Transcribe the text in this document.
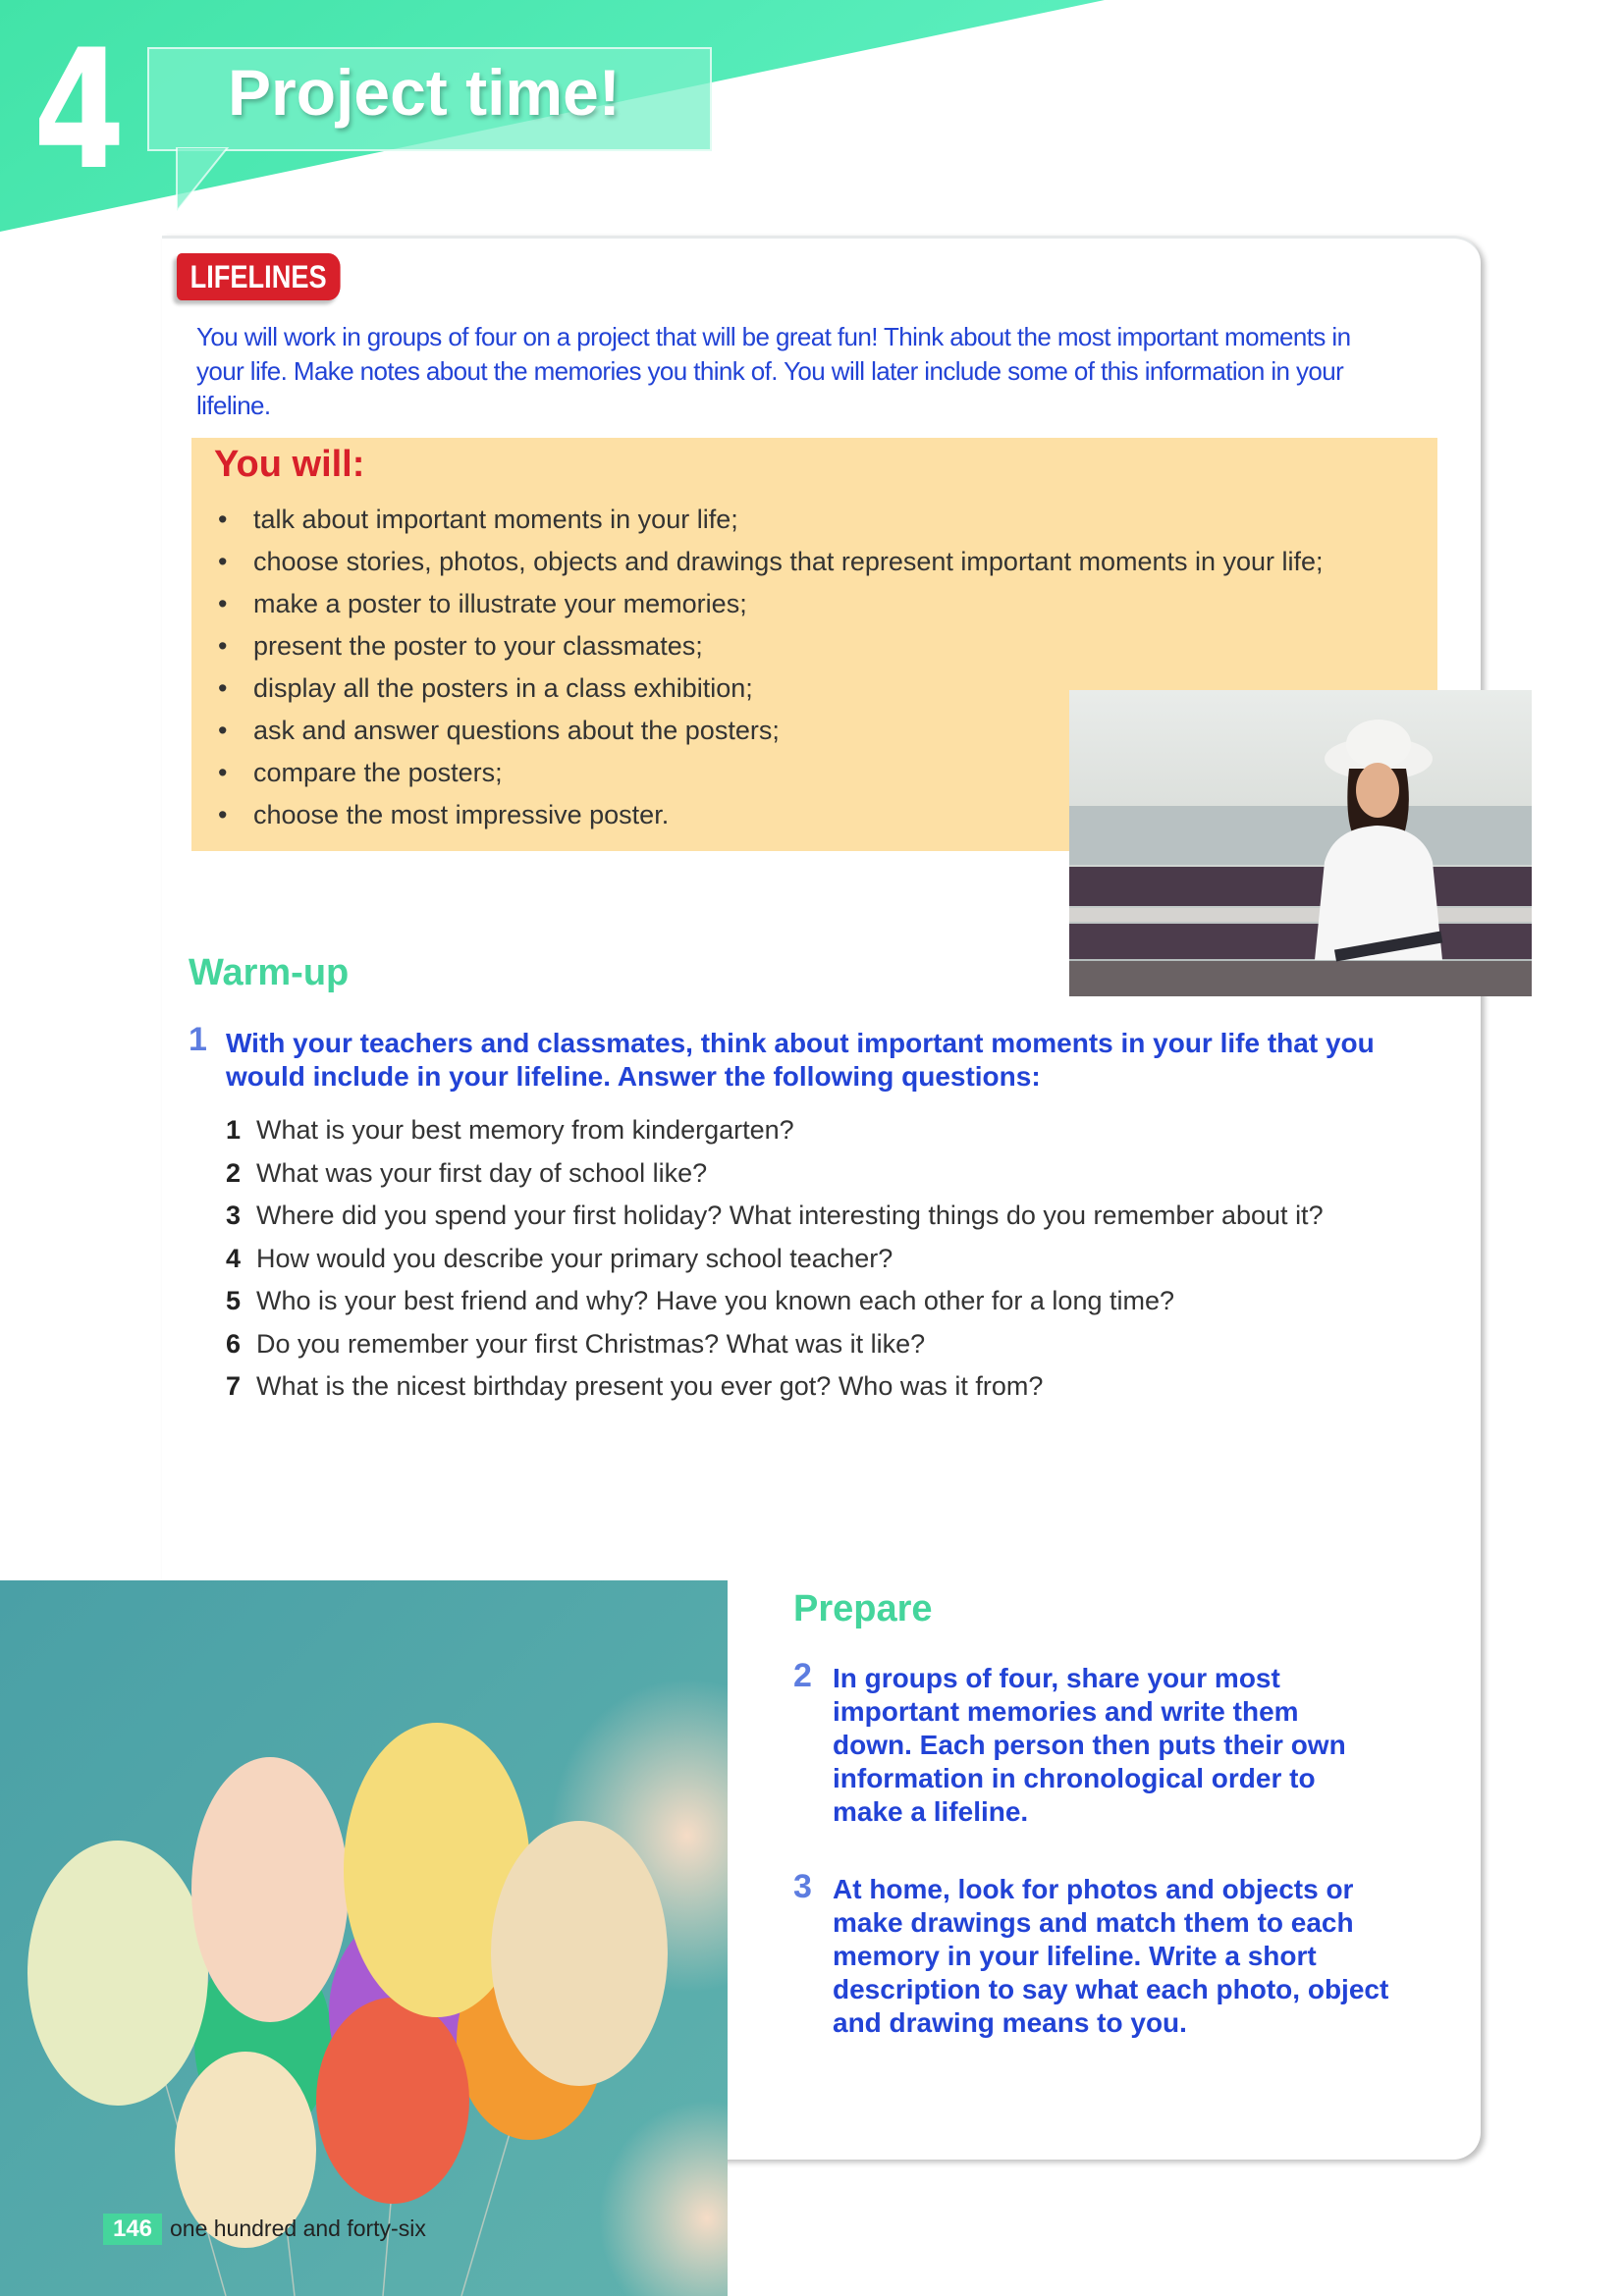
4 Project time!
LIFELINES
You will work in groups of four on a project that will be great fun! Think about the most important moments in your life. Make notes about the memories you think of. You will later include some of this information in your lifeline.
You will:
• talk about important moments in your life;
• choose stories, photos, objects and drawings that represent important moments in your life;
• make a poster to illustrate your memories;
• present the poster to your classmates;
• display all the posters in a class exhibition;
• ask and answer questions about the posters;
• compare the posters;
• choose the most impressive poster.
Warm-up
1 With your teachers and classmates, think about important moments in your life that you would include in your lifeline. Answer the following questions:
1 What is your best memory from kindergarten?
2 What was your first day of school like?
3 Where did you spend your first holiday? What interesting things do you remember about it?
4 How would you describe your primary school teacher?
5 Who is your best friend and why? Have you known each other for a long time?
6 Do you remember your first Christmas? What was it like?
7 What is the nicest birthday present you ever got? Who was it from?
Prepare
2 In groups of four, share your most important memories and write them down. Each person then puts their own information in chronological order to make a lifeline.
3 At home, look for photos and objects or make drawings and match them to each memory in your lifeline. Write a short description to say what each photo, object and drawing means to you.
146 one hundred and forty-six
